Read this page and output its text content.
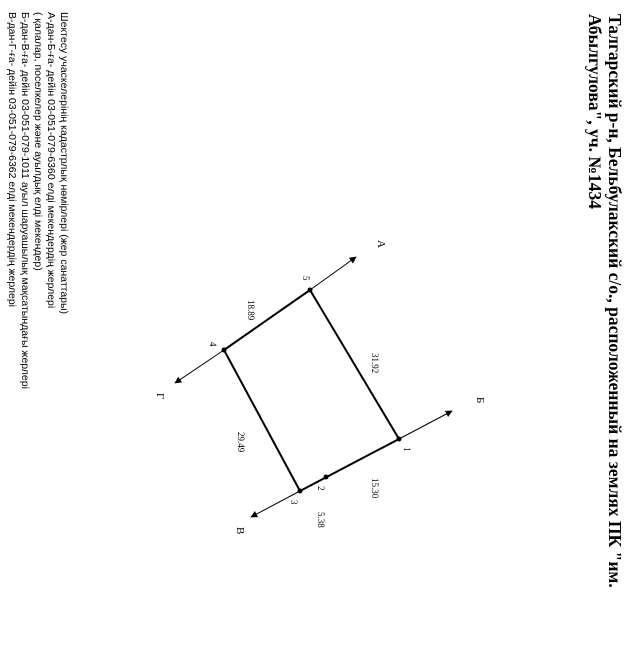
Талгарский р-н, Бельбулакский с/о., расположенный на землях ПК "им.
Абылгулова", уч. №1434
Шектесу учаскелерінің кадастрлық нөмірлері (жер санаттары)
А-дан-Б-ға- дейін 03-051-079-6360 елді мекендердің жерлері
( қалалар, поселкелер және ауылдық елді мекендер)
Б-дан-В-ға- дейін 03-051-079-1011 ауыл шаруашылық мақсатындағы жерлері
В-дан-Г-ға- дейін 03-051-079-6362 елді мекендердің жерлері
1
2
3
4
5
А
Б
В
Г
31.92
15.30
5.38
29.49
18.89
